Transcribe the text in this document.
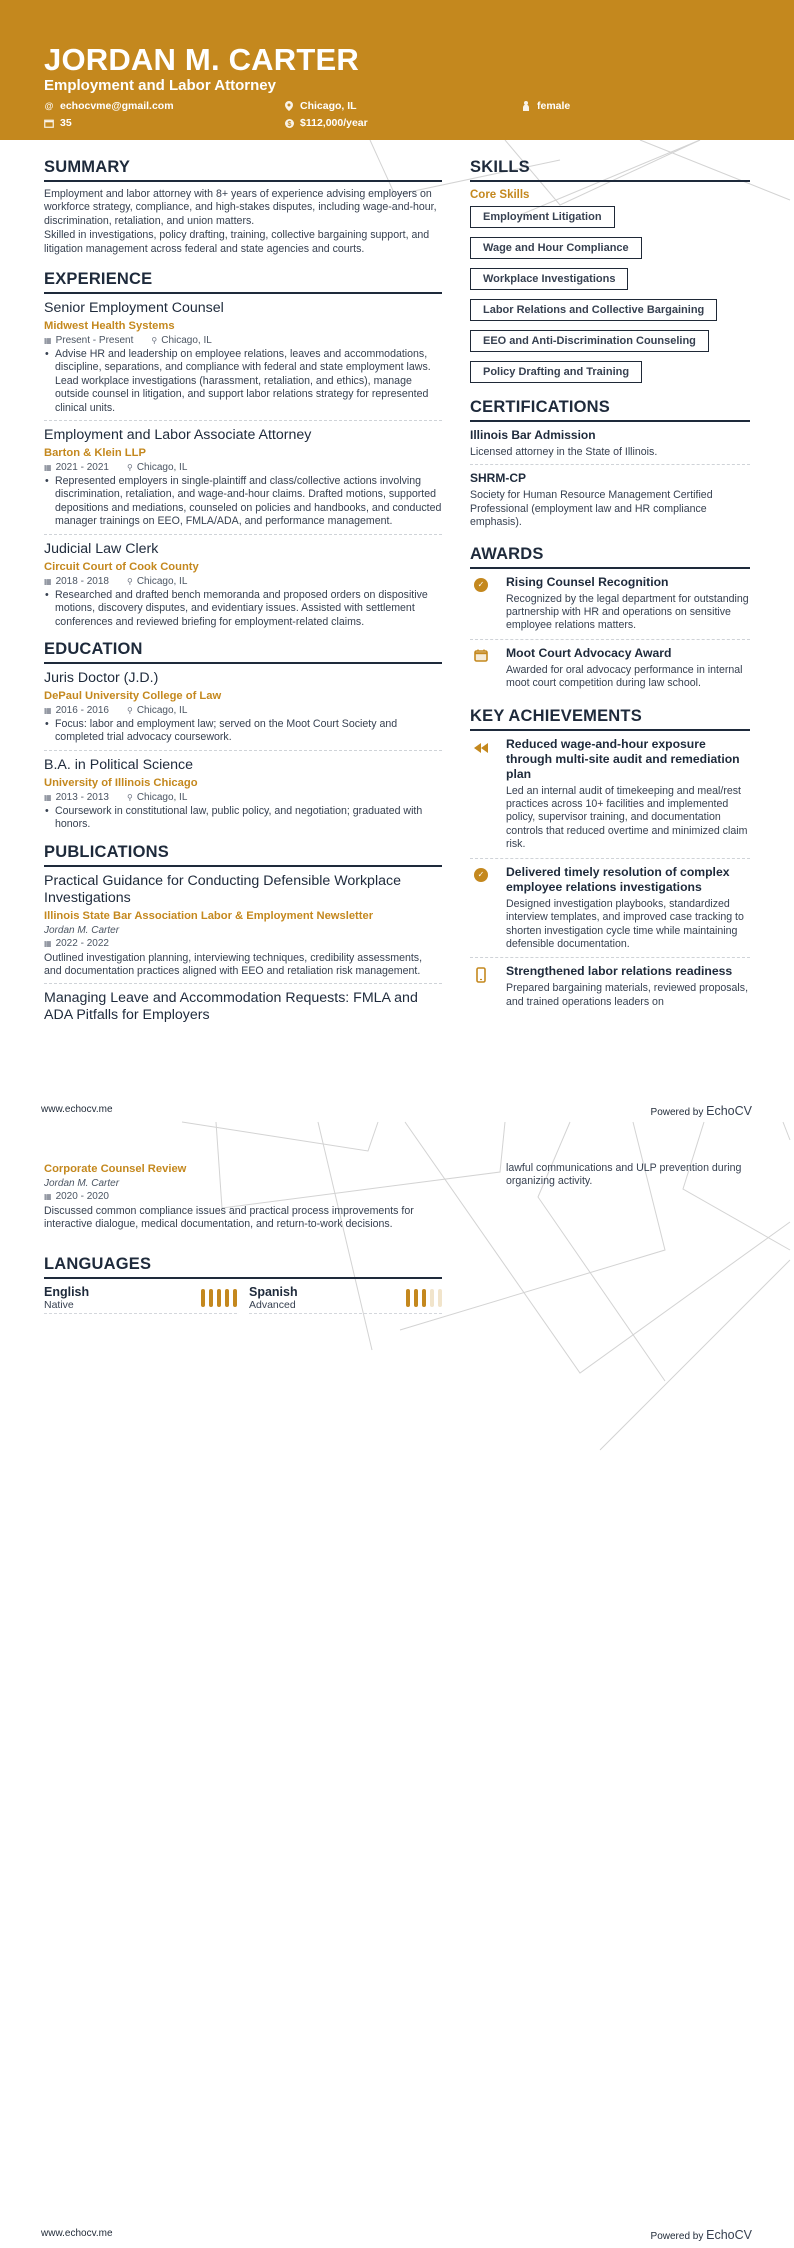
JORDAN M. CARTER
Employment and Labor Attorney
@ echocvme@gmail.com	Chicago, IL	female
35	$ $112,000/year
SUMMARY

Employment and labor attorney with 8+ years of experience advising employers on workforce strategy, compliance, and high-stakes disputes, including wage-and-hour, discrimination, retaliation, and union matters.

Skilled in investigations, policy drafting, training, collective bargaining support, and litigation management across federal and state agencies and courts.

EXPERIENCE
Senior Employment Counsel
Midwest Health Systems
▦ Present - Present ⚲ Chicago, IL
• Advise HR and leadership on employee relations, leaves and accommodations, discipline, separations, and compliance with federal and state employment laws. Lead workplace investigations (harassment, retaliation, and ethics), manage outside counsel in litigation, and support labor relations strategy for represented clinical units.
Employment and Labor Associate Attorney
Barton & Klein LLP
▦ 2021 - 2021 ⚲ Chicago, IL
• Represented employers in single-plaintiff and class/collective actions involving discrimination, retaliation, and wage-and-hour claims. Drafted motions, supported depositions and mediations, counseled on policies and handbooks, and conducted manager trainings on EEO, FMLA/ADA, and performance management.
Judicial Law Clerk
Circuit Court of Cook County
▦ 2018 - 2018 ⚲ Chicago, IL
• Researched and drafted bench memoranda and proposed orders on dispositive motions, discovery disputes, and evidentiary issues. Assisted with settlement conferences and reviewed briefing for employment-related claims.
EDUCATION
Juris Doctor (J.D.)
DePaul University College of Law
▦ 2016 - 2016 ⚲ Chicago, IL
• Focus: labor and employment law; served on the Moot Court Society and completed trial advocacy coursework.
B.A. in Political Science
University of Illinois Chicago
▦ 2013 - 2013 ⚲ Chicago, IL
• Coursework in constitutional law, public policy, and negotiation; graduated with honors.
PUBLICATIONS
Practical Guidance for Conducting Defensible Workplace Investigations
Illinois State Bar Association Labor & Employment Newsletter
Jordan M. Carter
▦ 2022 - 2022

Outlined investigation planning, interviewing techniques, credibility assessments, and documentation practices aligned with EEO and retaliation risk management.

Managing Leave and Accommodation Requests: FMLA and ADA Pitfalls for Employers
SKILLS
Core Skills
Employment Litigation
Wage and Hour Compliance
Workplace Investigations
Labor Relations and Collective Bargaining
EEO and Anti-Discrimination Counseling
Policy Drafting and Training
CERTIFICATIONS
Illinois Bar Admission

Licensed attorney in the State of Illinois.

SHRM-CP

Society for Human Resource Management Certified Professional (employment law and HR compliance emphasis).

AWARDS
✓ Rising Counsel Recognition

Recognized by the legal department for outstanding partnership with HR and operations on sensitive employee relations matters.

Moot Court Advocacy Award

Awarded for oral advocacy performance in internal moot court competition during law school.

KEY ACHIEVEMENTS
Reduced wage-and-hour exposure through multi-site audit and remediation plan

Led an internal audit of timekeeping and meal/rest practices across 10+ facilities and implemented policy, supervisor training, and documentation controls that reduced overtime and minimized claim risk.

✓ Delivered timely resolution of complex employee relations investigations

Designed investigation playbooks, standardized interview templates, and improved case tracking to shorten investigation cycle time while maintaining defensible documentation.

Strengthened labor relations readiness

Prepared bargaining materials, reviewed proposals, and trained operations leaders on

www.echocv.me	Powered by EchoCV
Corporate Counsel Review
Jordan M. Carter
▦ 2020 - 2020

Discussed common compliance issues and practical process improvements for interactive dialogue, medical documentation, and return-to-work decisions.

LANGUAGES
English
Native
Spanish
Advanced

lawful communications and ULP prevention during organizing activity.

www.echocv.me	Powered by EchoCV
